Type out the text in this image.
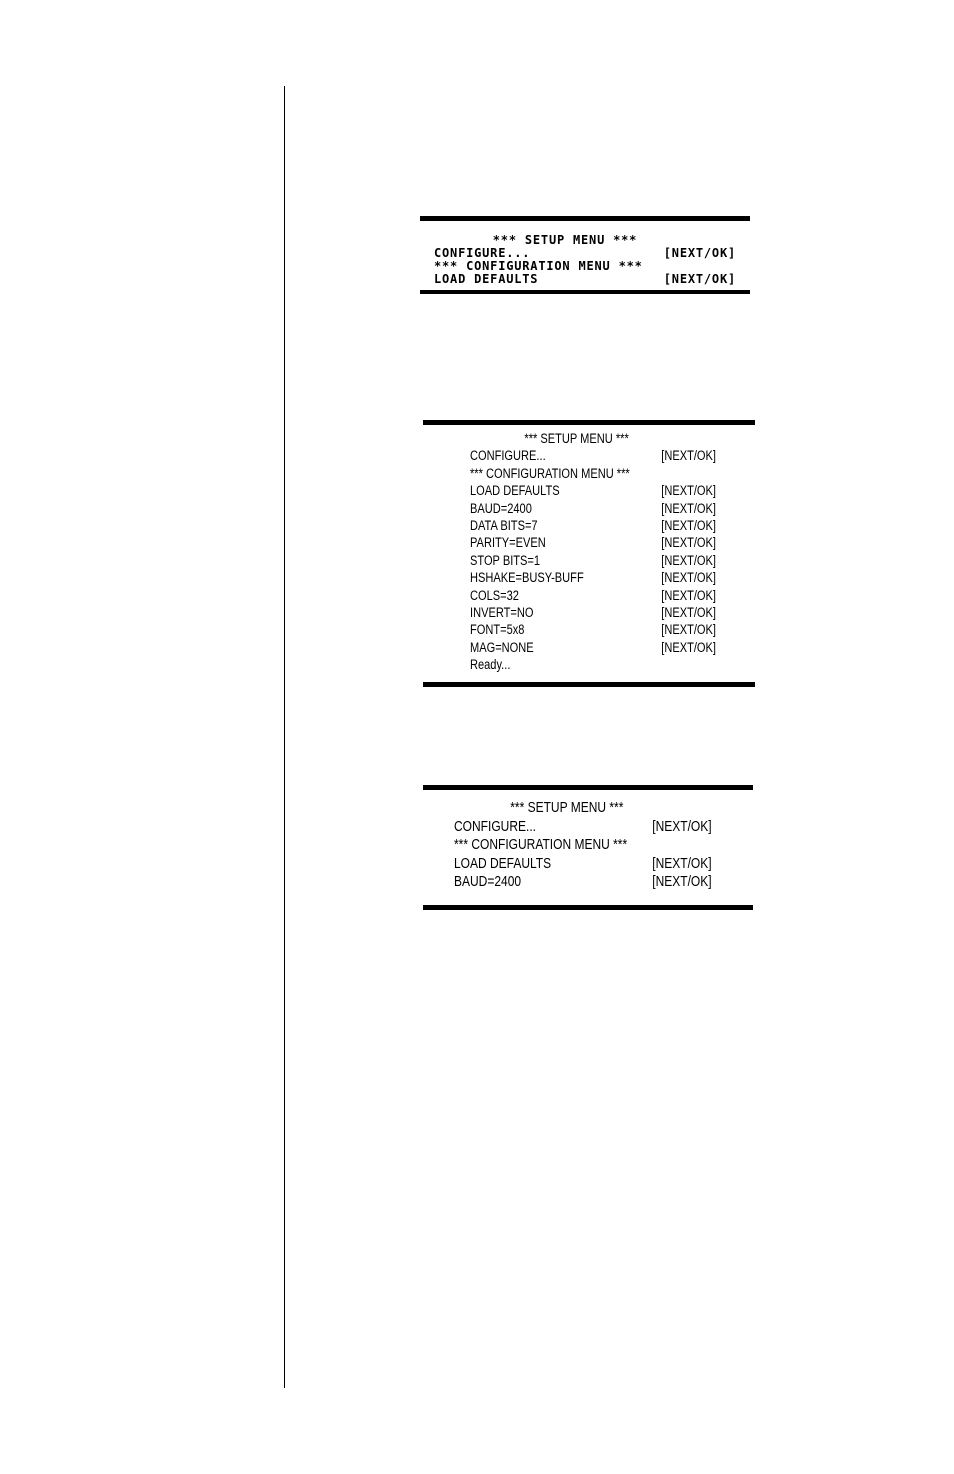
*** SETUP MENU ***
CONFIGURE...	[NEXT/OK]
*** CONFIGURATION MENU ***
LOAD DEFAULTS	[NEXT/OK]
*** SETUP MENU ***
CONFIGURE...	[NEXT/OK]
*** CONFIGURATION MENU ***
LOAD DEFAULTS	[NEXT/OK]
BAUD=2400	[NEXT/OK]
DATA BITS=7	[NEXT/OK]
PARITY=EVEN	[NEXT/OK]
STOP BITS=1	[NEXT/OK]
HSHAKE=BUSY-BUFF	[NEXT/OK]
COLS=32	[NEXT/OK]
INVERT=NO	[NEXT/OK]
FONT=5x8	[NEXT/OK]
MAG=NONE	[NEXT/OK]
Ready...
*** SETUP MENU ***
CONFIGURE...	[NEXT/OK]
*** CONFIGURATION MENU ***
LOAD DEFAULTS	[NEXT/OK]
BAUD=2400	[NEXT/OK]
